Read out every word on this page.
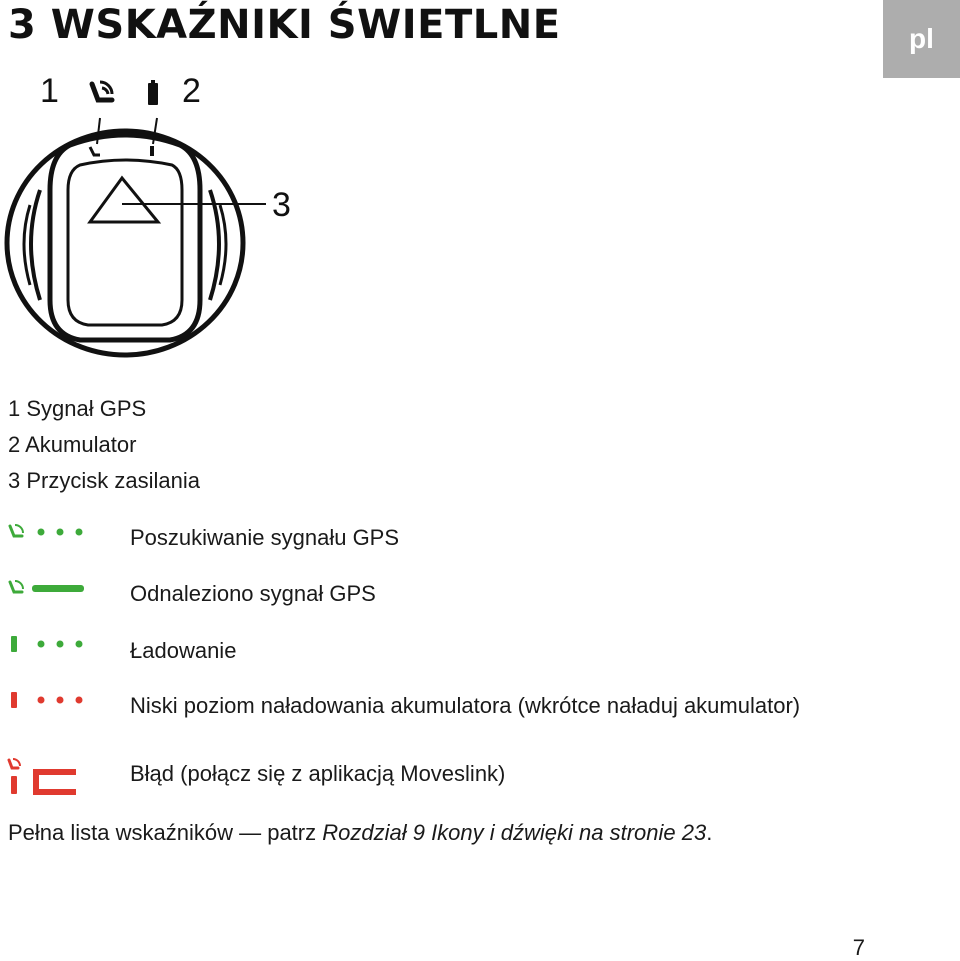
3 WSKAŹNIKI ŚWIETLNE	pl
1	2
3
1 Sygnał GPS
2 Akumulator
3 Przycisk zasilania
Poszukiwanie sygnału GPS
Odnaleziono sygnał GPS
Ładowanie
Niski poziom naładowania akumulatora (wkrótce naładuj akumulator)
Błąd (połącz się z aplikacją Moveslink)
Pełna lista wskaźników — patrz Rozdział 9 Ikony i dźwięki na stronie 23.
7
